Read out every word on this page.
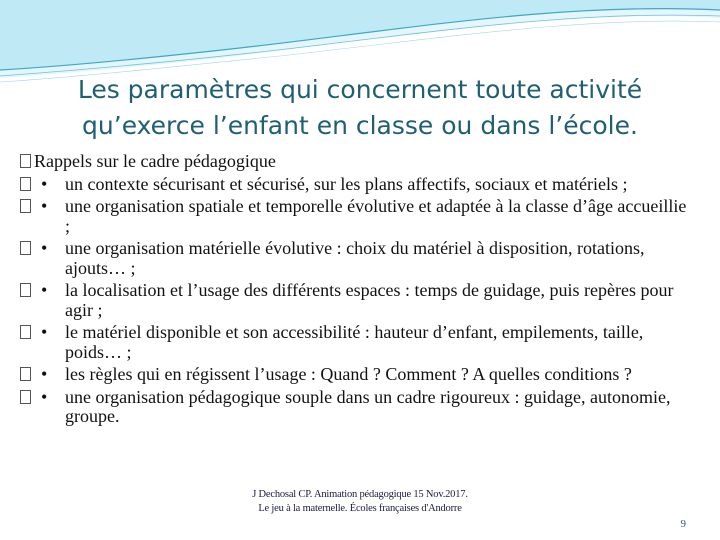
Les paramètres qui concernent toute activité
qu’exerce l’enfant en classe ou dans l’école.
Rappels sur le cadre pédagogique
• un contexte sécurisant et sécurisé, sur les plans affectifs, sociaux et matériels ;
• une organisation spatiale et temporelle évolutive et adaptée à la classe d’âge accueillie ;
• une organisation matérielle évolutive : choix du matériel à disposition, rotations, ajouts… ;
• la localisation et l’usage des différents espaces : temps de guidage, puis repères pour agir ;
• le matériel disponible et son accessibilité : hauteur d’enfant, empilements, taille, poids… ;
• les règles qui en régissent l’usage : Quand ? Comment ? A quelles conditions ?
• une organisation pédagogique souple dans un cadre rigoureux : guidage, autonomie, groupe.
J Dechosal CP. Animation pédagogique 15 Nov.2017.
Le jeu à la maternelle. Écoles françaises d'Andorre
9
